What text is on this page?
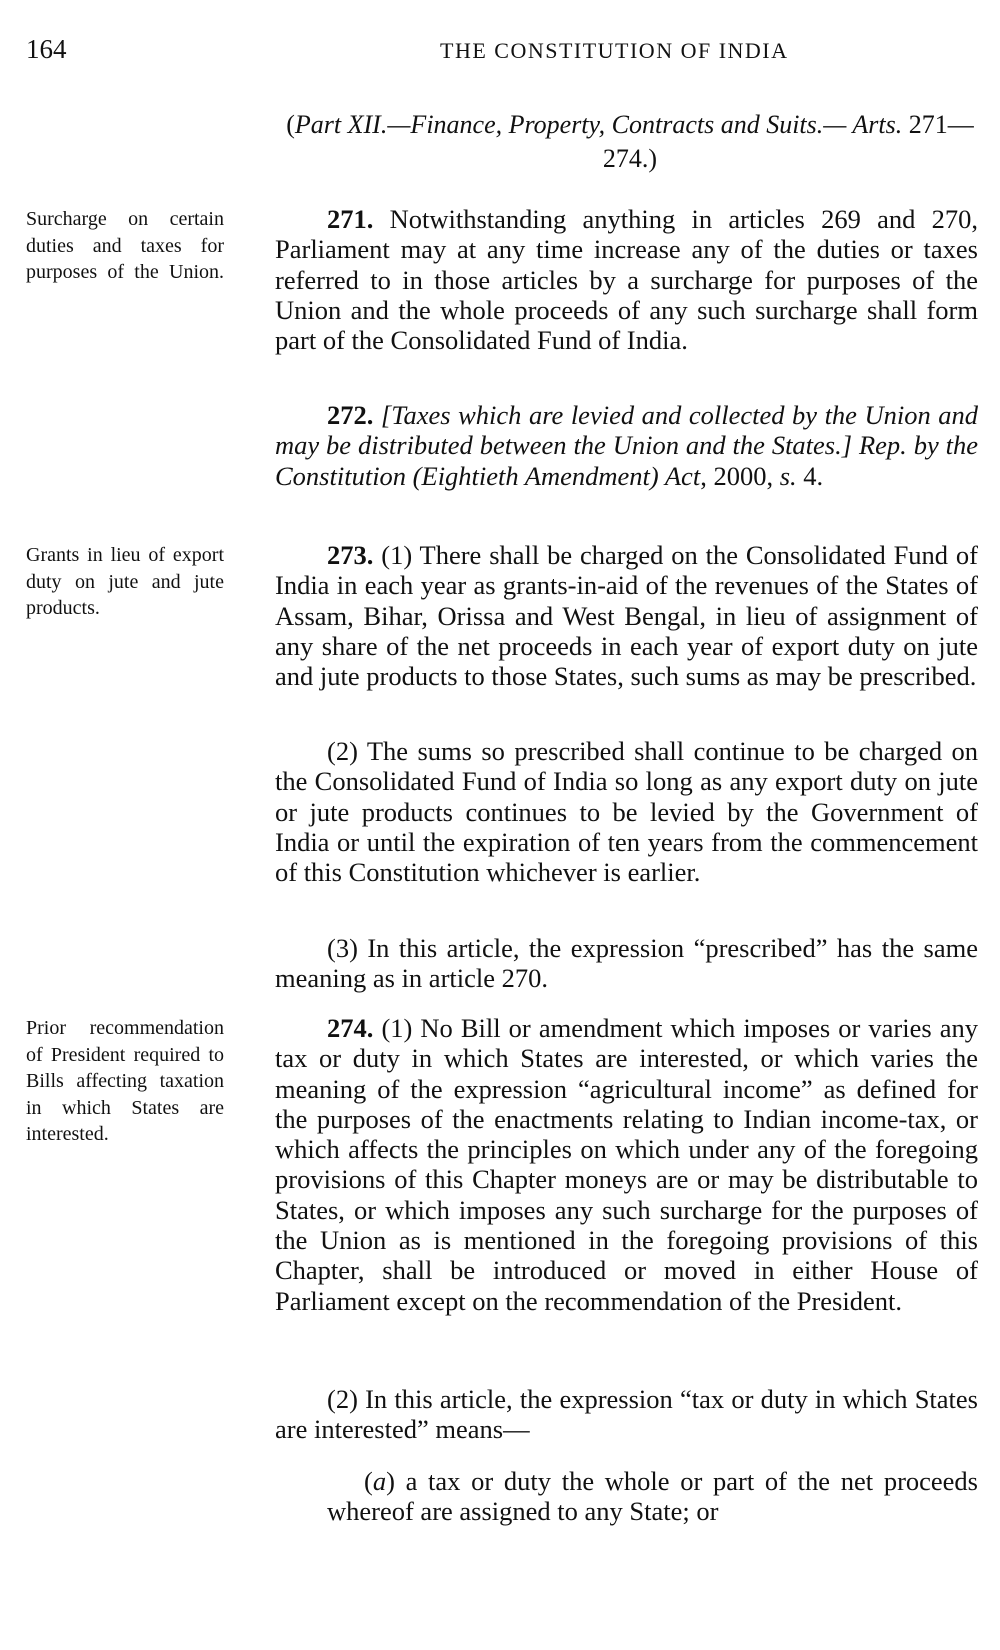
164	THE CONSTITUTION OF INDIA
(Part XII.—Finance, Property, Contracts and Suits.— Arts. 271—274.)
Surcharge on certain duties and taxes for purposes of the Union.
Grants in lieu of export duty on jute and jute products.
Prior recommendation of President required to Bills affecting taxation in which States are interested.
271. Notwithstanding anything in articles 269 and 270, Parliament may at any time increase any of the duties or taxes referred to in those articles by a surcharge for purposes of the Union and the whole proceeds of any such surcharge shall form part of the Consolidated Fund of India.
272. [Taxes which are levied and collected by the Union and may be distributed between the Union and the States.] Rep. by the Constitution (Eightieth Amendment) Act, 2000, s. 4.
273. (1) There shall be charged on the Consolidated Fund of India in each year as grants-in-aid of the revenues of the States of Assam, Bihar, Orissa and West Bengal, in lieu of assignment of any share of the net proceeds in each year of export duty on jute and jute products to those States, such sums as may be prescribed.
(2) The sums so prescribed shall continue to be charged on the Consolidated Fund of India so long as any export duty on jute or jute products continues to be levied by the Government of India or until the expiration of ten years from the commencement of this Constitution whichever is earlier.
(3) In this article, the expression “prescribed” has the same meaning as in article 270.
274. (1) No Bill or amendment which imposes or varies any tax or duty in which States are interested, or which varies the meaning of the expression “agricultural income” as defined for the purposes of the enactments relating to Indian income-tax, or which affects the principles on which under any of the foregoing provisions of this Chapter moneys are or may be distributable to States, or which imposes any such surcharge for the purposes of the Union as is mentioned in the foregoing provisions of this Chapter, shall be introduced or moved in either House of Parliament except on the recommendation of the President.
(2) In this article, the expression “tax or duty in which States are interested” means—
(a) a tax or duty the whole or part of the net proceeds whereof are assigned to any State; or
